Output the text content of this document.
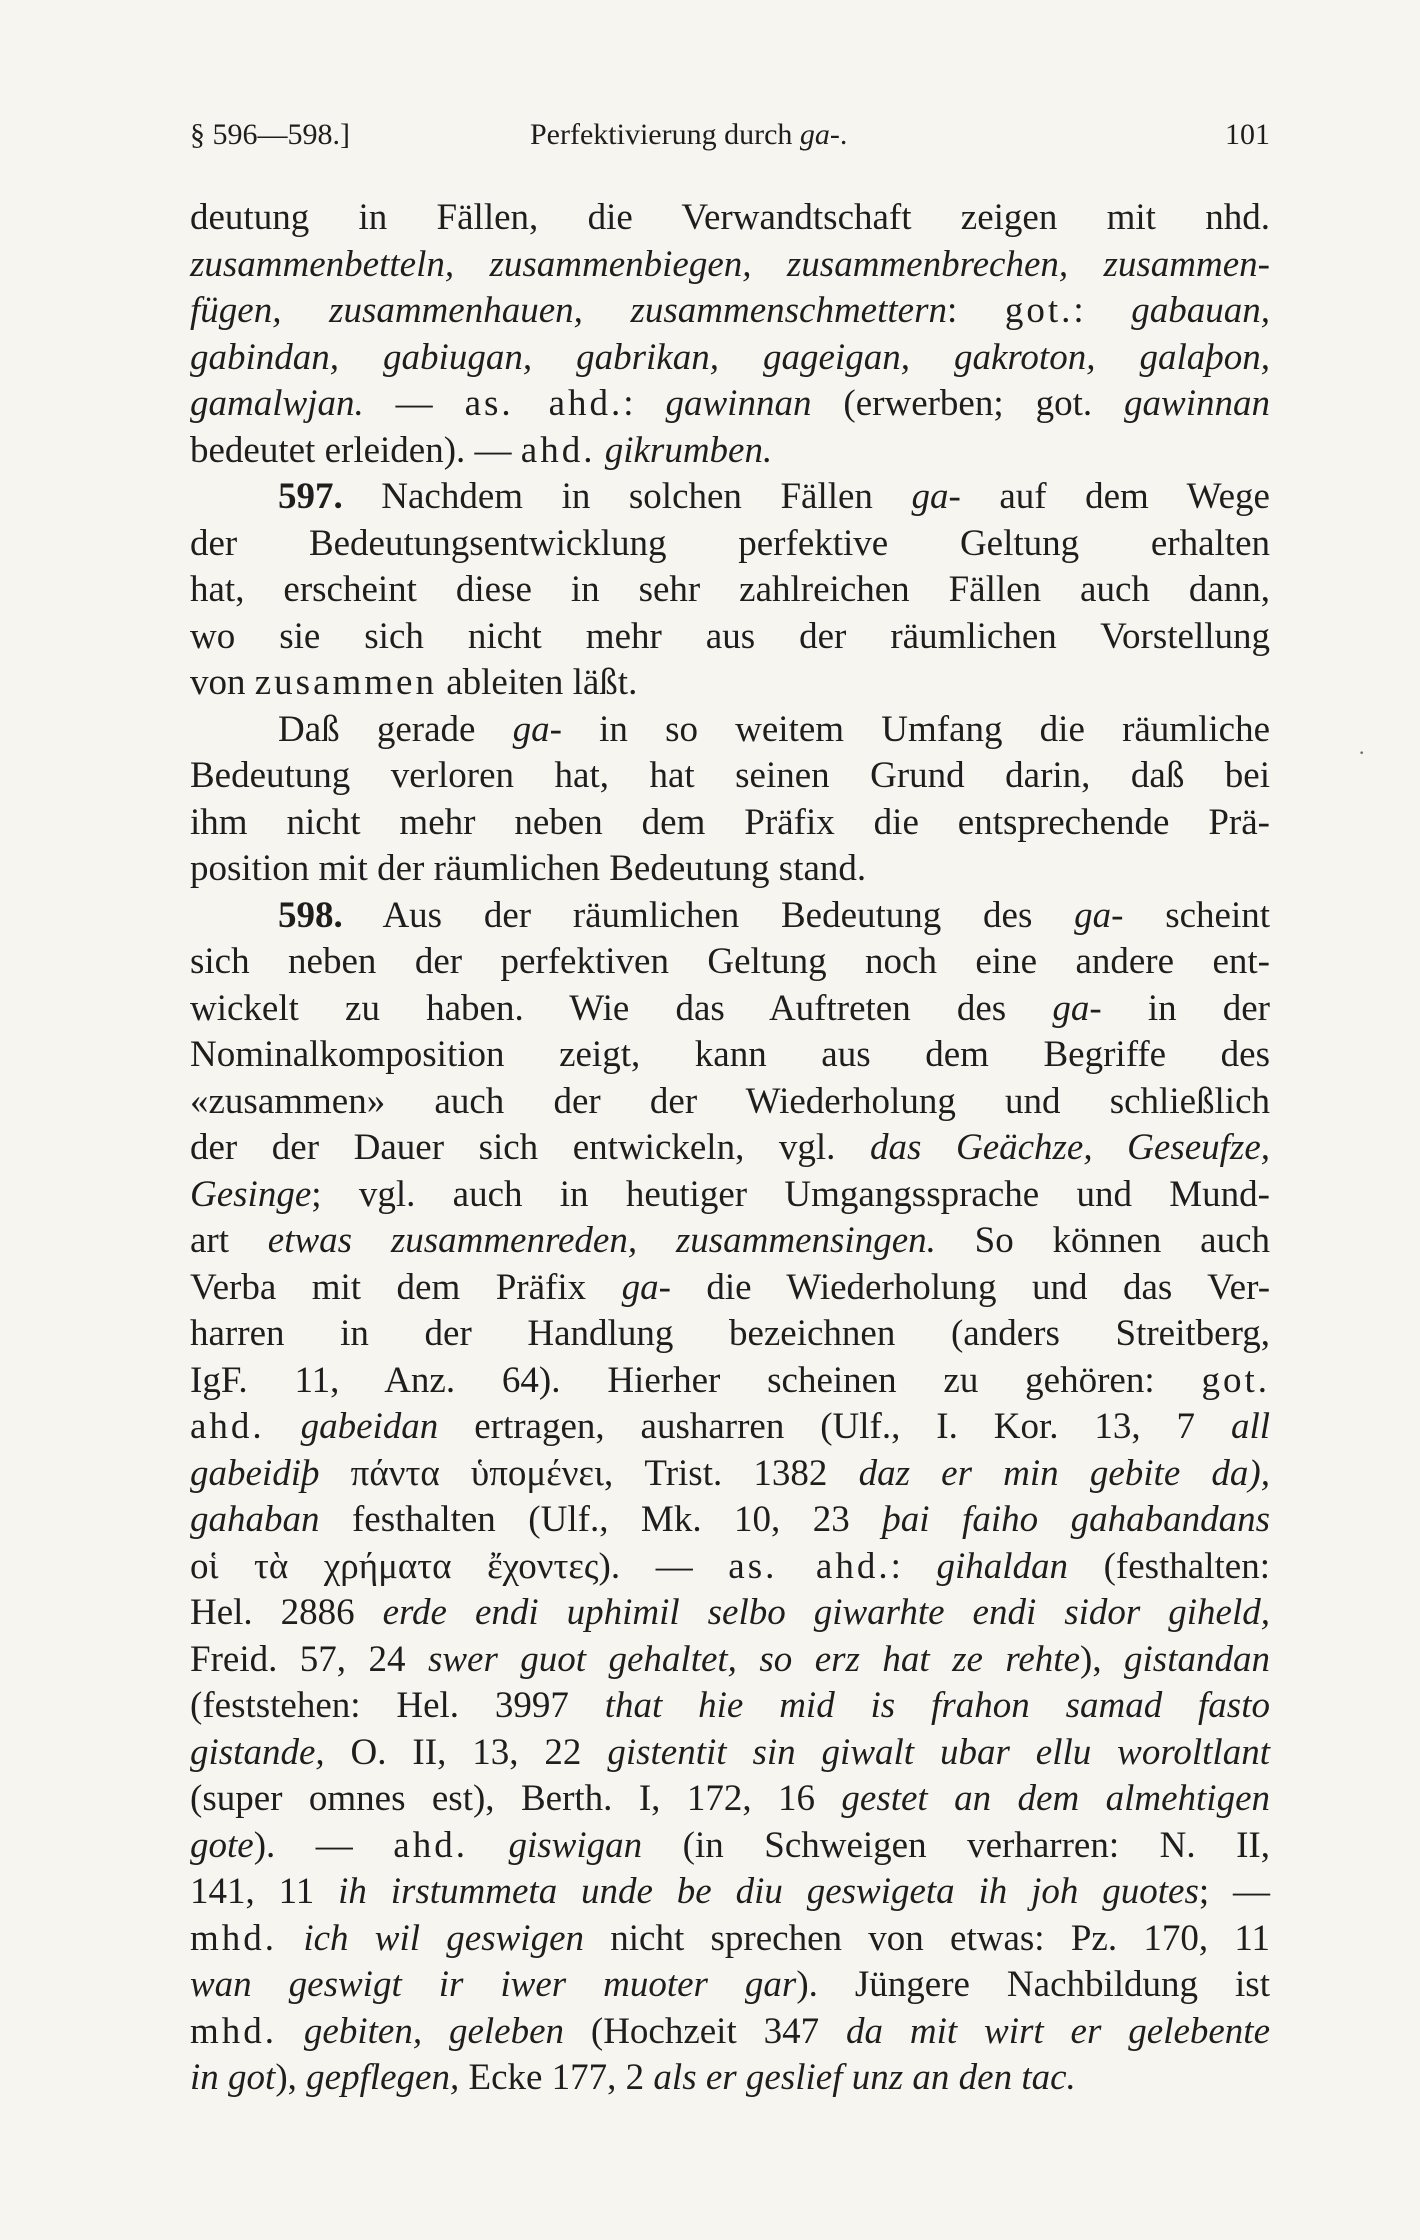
§ 596—598.]	Perfektivierung durch ga-.	101
deutung in Fällen, die Verwandtschaft zeigen mit nhd.
zusammenbetteln, zusammenbiegen, zusammenbrechen, zusammen-
fügen, zusammenhauen, zusammenschmettern: got.: gabauan,
gabindan, gabiugan, gabrikan, gageigan, gakroton, galaþon,
gamalwjan. — as. ahd.: gawinnan (erwerben; got. gawinnan
bedeutet erleiden). — ahd. gikrumben.
597. Nachdem in solchen Fällen ga- auf dem Wege
der Bedeutungsentwicklung perfektive Geltung erhalten
hat, erscheint diese in sehr zahlreichen Fällen auch dann,
wo sie sich nicht mehr aus der räumlichen Vorstellung
von zusammen ableiten läßt.
Daß gerade ga- in so weitem Umfang die räumliche
Bedeutung verloren hat, hat seinen Grund darin, daß bei
ihm nicht mehr neben dem Präfix die entsprechende Prä-
position mit der räumlichen Bedeutung stand.
598. Aus der räumlichen Bedeutung des ga- scheint
sich neben der perfektiven Geltung noch eine andere ent-
wickelt zu haben. Wie das Auftreten des ga- in der
Nominalkomposition zeigt, kann aus dem Begriffe des
«zusammen» auch der der Wiederholung und schließlich
der der Dauer sich entwickeln, vgl. das Geächze, Geseufze,
Gesinge; vgl. auch in heutiger Umgangssprache und Mund-
art etwas zusammenreden, zusammensingen. So können auch
Verba mit dem Präfix ga- die Wiederholung und das Ver-
harren in der Handlung bezeichnen (anders Streitberg,
IgF. 11, Anz. 64). Hierher scheinen zu gehören: got.
ahd. gabeidan ertragen, ausharren (Ulf., I. Kor. 13, 7 all
gabeidiþ πάντα ὑπομένει, Trist. 1382 daz er min gebite da),
gahaban festhalten (Ulf., Mk. 10, 23 þai faiho gahabandans
οἱ τὰ χρήματα ἔχοντες). — as. ahd.: gihaldan (festhalten:
Hel. 2886 erde endi uphimil selbo giwarhte endi sidor giheld,
Freid. 57, 24 swer guot gehaltet, so erz hat ze rehte), gistandan
(feststehen: Hel. 3997 that hie mid is frahon samad fasto
gistande, O. II, 13, 22 gistentit sin giwalt ubar ellu woroltlant
(super omnes est), Berth. I, 172, 16 gestet an dem almehtigen
gote). — ahd. giswigan (in Schweigen verharren: N. II,
141, 11 ih irstummeta unde be diu geswigeta ih joh guotes; —
mhd. ich wil geswigen nicht sprechen von etwas: Pz. 170, 11
wan geswigt ir iwer muoter gar). Jüngere Nachbildung ist
mhd. gebiten, geleben (Hochzeit 347 da mit wirt er gelebente
in got), gepflegen, Ecke 177, 2 als er geslief unz an den tac.
·
